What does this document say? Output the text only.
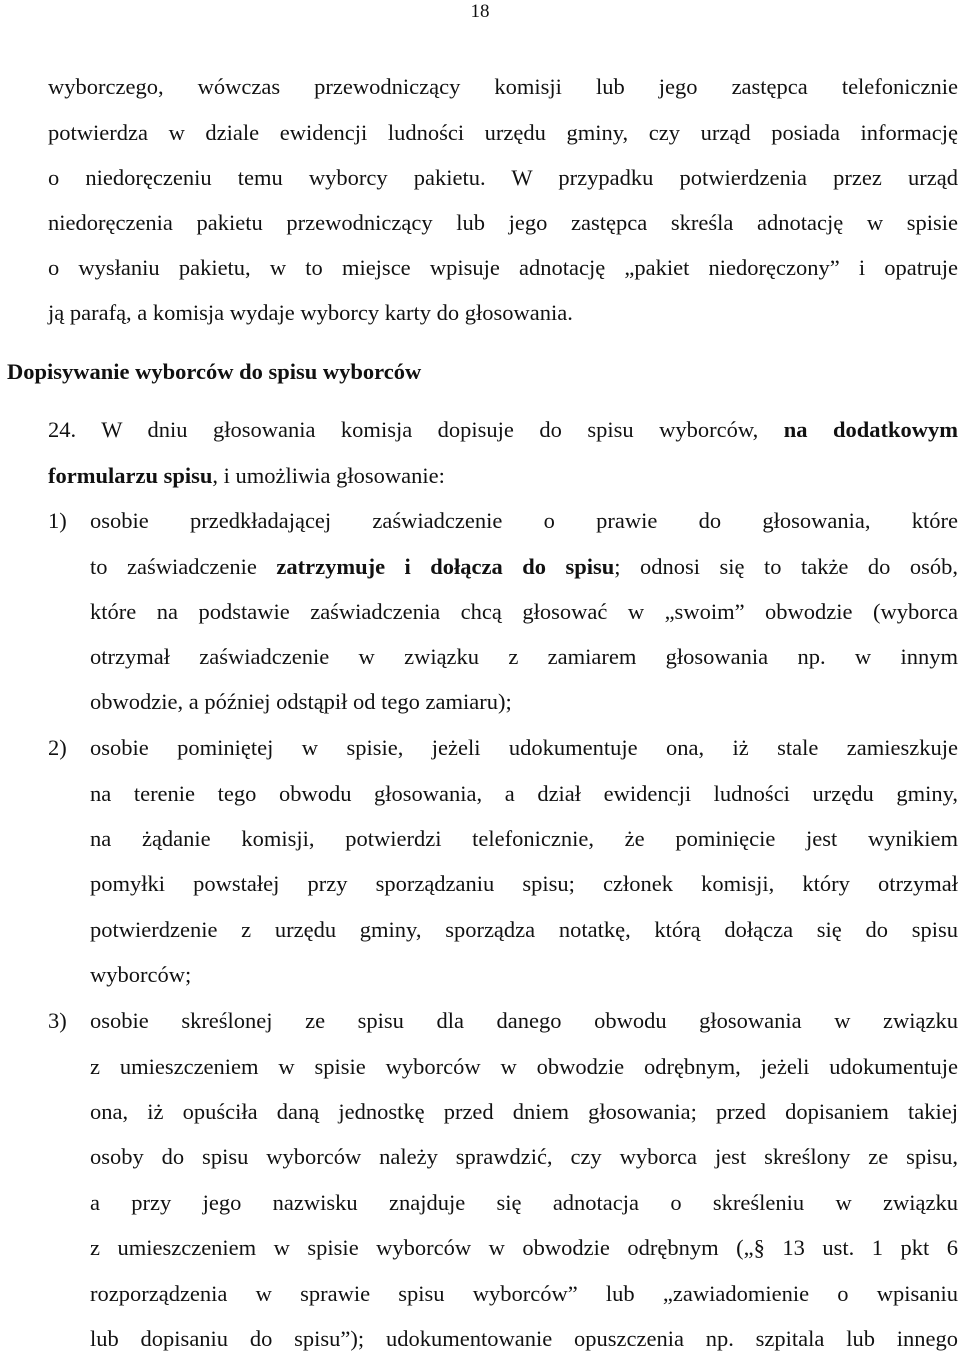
18
wyborczego, wówczas przewodniczący komisji lub jego zastępca telefonicznie
potwierdza w dziale ewidencji ludności urzędu gminy, czy urząd posiada informację
o niedoręczeniu temu wyborcy pakietu. W przypadku potwierdzenia przez urząd
niedoręczenia pakietu przewodniczący lub jego zastępca skreśla adnotację w spisie
o wysłaniu pakietu, w to miejsce wpisuje adnotację „pakiet niedoręczony” i opatruje
ją parafą, a komisja wydaje wyborcy karty do głosowania.
Dopisywanie wyborców do spisu wyborców
24. W dniu głosowania komisja dopisuje do spisu wyborców, na dodatkowym
formularzu spisu, i umożliwia głosowanie:
1) osobie przedkładającej zaświadczenie o prawie do głosowania, które
to zaświadczenie zatrzymuje i dołącza do spisu; odnosi się to także do osób,
które na podstawie zaświadczenia chcą głosować w „swoim” obwodzie (wyborca
otrzymał zaświadczenie w związku z zamiarem głosowania np. w innym
obwodzie, a później odstąpił od tego zamiaru);
2) osobie pominiętej w spisie, jeżeli udokumentuje ona, iż stale zamieszkuje
na terenie tego obwodu głosowania, a dział ewidencji ludności urzędu gminy,
na żądanie komisji, potwierdzi telefonicznie, że pominięcie jest wynikiem
pomyłki powstałej przy sporządzaniu spisu; członek komisji, który otrzymał
potwierdzenie z urzędu gminy, sporządza notatkę, którą dołącza się do spisu
wyborców;
3) osobie skreślonej ze spisu dla danego obwodu głosowania w związku
z umieszczeniem w spisie wyborców w obwodzie odrębnym, jeżeli udokumentuje
ona, iż opuściła daną jednostkę przed dniem głosowania; przed dopisaniem takiej
osoby do spisu wyborców należy sprawdzić, czy wyborca jest skreślony ze spisu,
a przy jego nazwisku znajduje się adnotacja o skreśleniu w związku
z umieszczeniem w spisie wyborców w obwodzie odrębnym („§ 13 ust. 1 pkt 6
rozporządzenia w sprawie spisu wyborców” lub „zawiadomienie o wpisaniu
lub dopisaniu do spisu”); udokumentowanie opuszczenia np. szpitala lub innego
